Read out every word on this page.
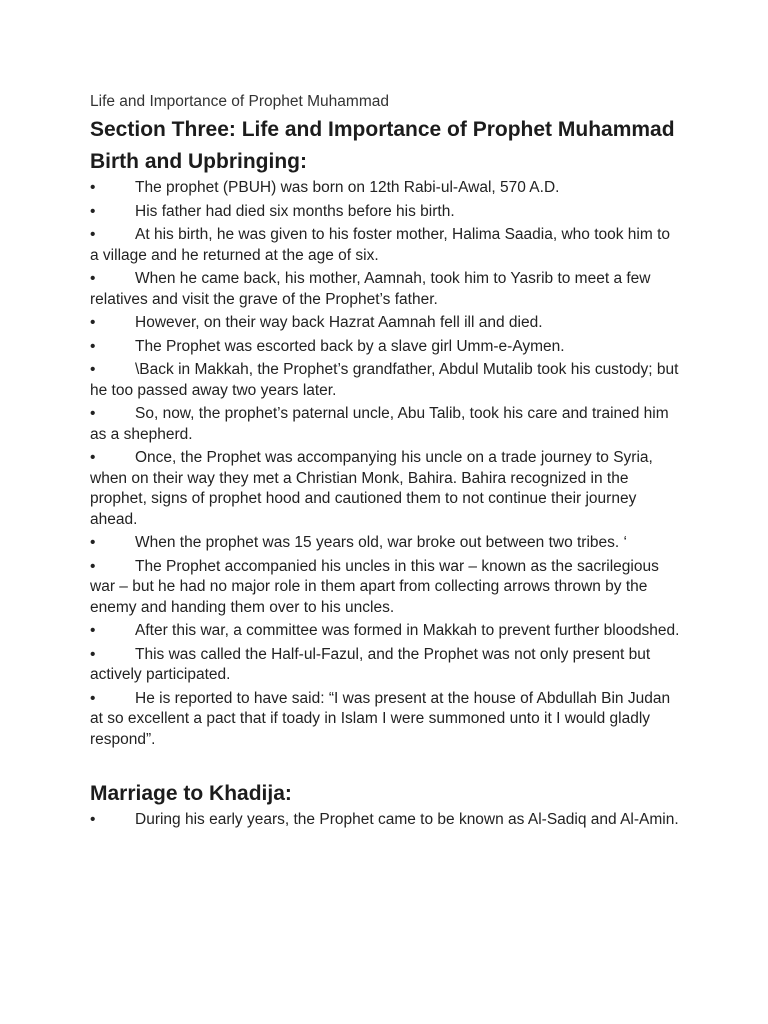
Life and Importance of Prophet Muhammad
Section Three: Life and Importance of Prophet Muhammad
Birth and Upbringing:
•	The prophet (PBUH) was born on 12th Rabi-ul-Awal, 570 A.D.
•	His father had died six months before his birth.
•	At his birth, he was given to his foster mother, Halima Saadia, who took him to a village and he returned at the age of six.
•	When he came back, his mother, Aamnah, took him to Yasrib to meet a few relatives and visit the grave of the Prophet’s father.
•	However, on their way back Hazrat Aamnah fell ill and died.
•	The Prophet was escorted back by a slave girl Umm-e-Aymen.
•	\Back in Makkah, the Prophet’s grandfather, Abdul Mutalib took his custody; but he too passed away two years later.
•	So, now, the prophet’s paternal uncle, Abu Talib, took his care and trained him as a shepherd.
•	Once, the Prophet was accompanying his uncle on a trade journey to Syria, when on their way they met a Christian Monk, Bahira. Bahira recognized in the prophet, signs of prophet hood and cautioned them to not continue their journey ahead.
•	When the prophet was 15 years old, war broke out between two tribes. ‘
•	The Prophet accompanied his uncles in this war – known as the sacrilegious war – but he had no major role in them apart from collecting arrows thrown by the enemy and handing them over to his uncles.
•	After this war, a committee was formed in Makkah to prevent further bloodshed.
•	This was called the Half-ul-Fazul, and the Prophet was not only present but actively participated.
•	He is reported to have said: “I was present at the house of Abdullah Bin Judan at so excellent a pact that if toady in Islam I were summoned unto it I would gladly respond”.
Marriage to Khadija:
•	During his early years, the Prophet came to be known as Al-Sadiq and Al-Amin.
